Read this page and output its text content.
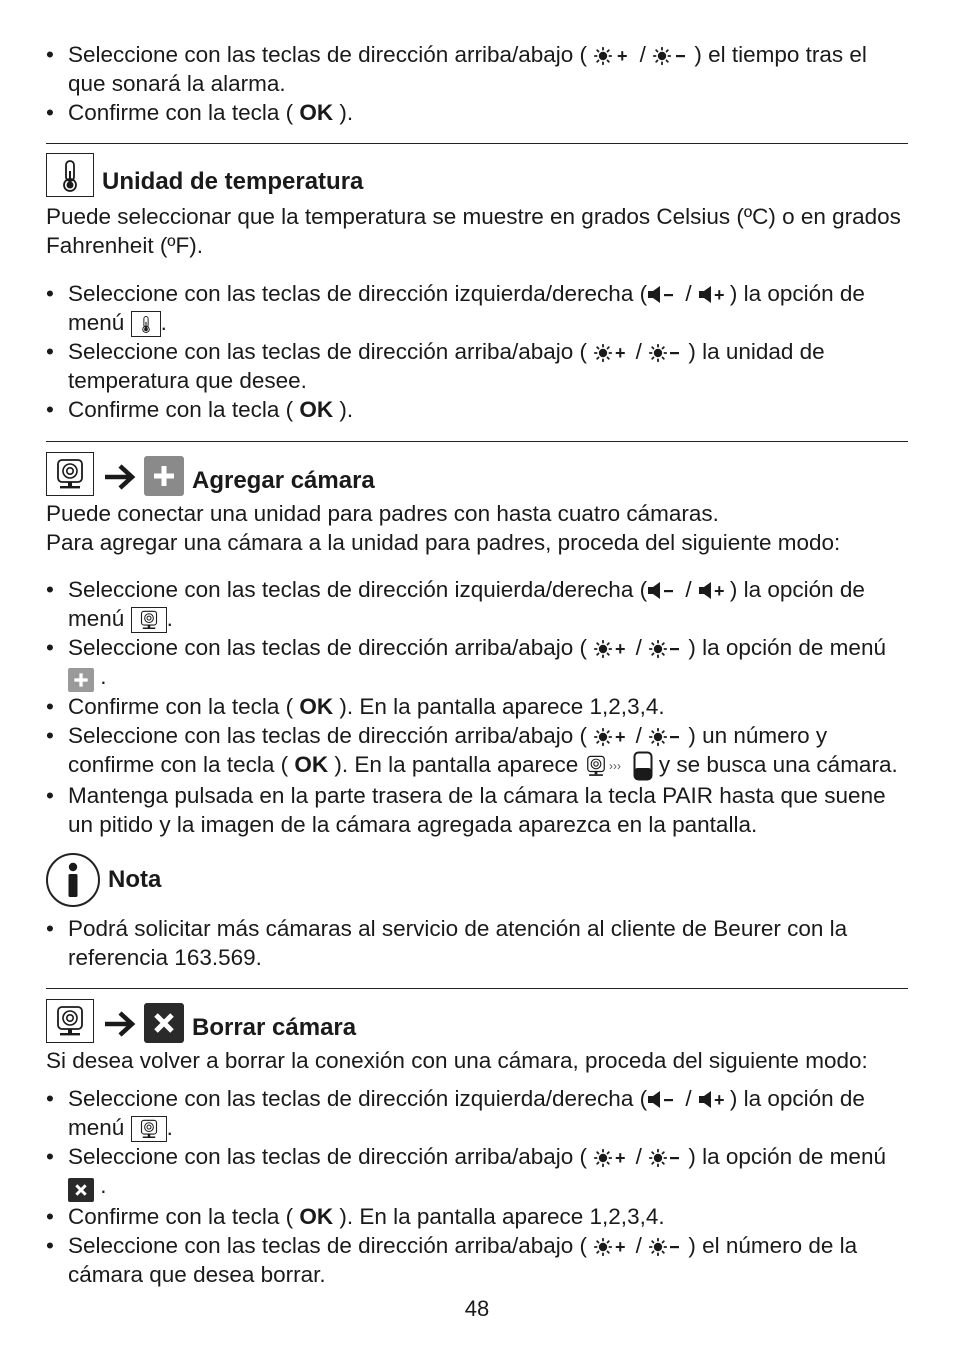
• Seleccione con las teclas de dirección arriba/abajo ( + /  ) el tiempo tras el que sonará la alarma.
• Confirme con la tecla ( OK ).
Unidad de temperatura

Puede seleccionar que la temperatura se muestre en grados Celsius (ºC) o en grados Fahrenheit (ºF).

• Seleccione con las teclas de dirección izquierda/derecha ( / + ) la opción de menú .
• Seleccione con las teclas de dirección arriba/abajo ( + /  ) la unidad de temperatura que desee.
• Confirme con la tecla ( OK ).
Agregar cámara

Puede conectar una unidad para padres con hasta cuatro cámaras.

Para agregar una cámara a la unidad para padres, proceda del siguiente modo:

• Seleccione con las teclas de dirección izquierda/derecha ( / + ) la opción de menú .
• Seleccione con las teclas de dirección arriba/abajo ( + /  ) la opción de menú
.
• Confirme con la tecla ( OK ). En la pantalla aparece 1,2,3,4.
• Seleccione con las teclas de dirección arriba/abajo ( + /  ) un número y confirme con la tecla ( OK ). En la pantalla aparece	››› y se busca una cámara.
• Mantenga pulsada en la parte trasera de la cámara la tecla PAIR hasta que suene un pitido y la imagen de la cámara agregada aparezca en la pantalla.
Nota
• Podrá solicitar más cámaras al servicio de atención al cliente de Beurer con la referencia 163.569.
Borrar cámara

Si desea volver a borrar la conexión con una cámara, proceda del siguiente modo:

• Seleccione con las teclas de dirección izquierda/derecha ( / + ) la opción de menú .
• Seleccione con las teclas de dirección arriba/abajo ( + /  ) la opción de menú
.
• Confirme con la tecla ( OK ). En la pantalla aparece 1,2,3,4.
• Seleccione con las teclas de dirección arriba/abajo ( + /  ) el número de la cámara que desea borrar.
48
